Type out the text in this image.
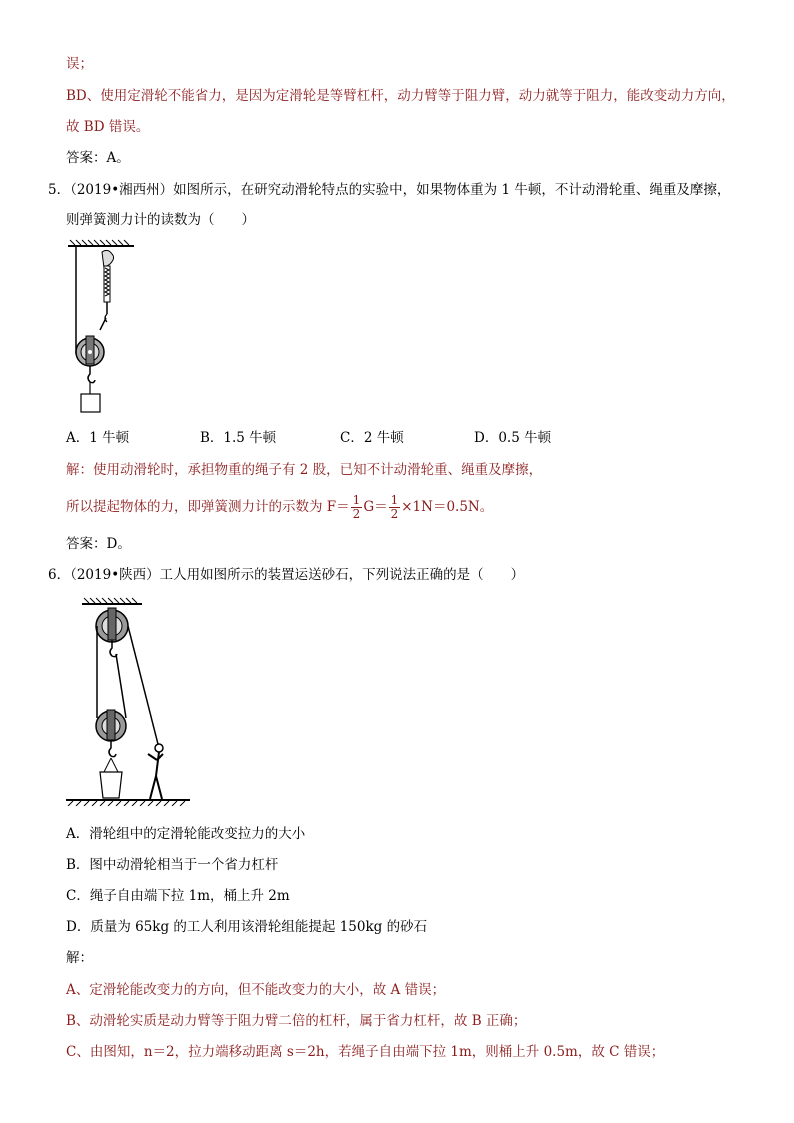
误；
BD、使用定滑轮不能省力，是因为定滑轮是等臂杠杆，动力臂等于阻力臂，动力就等于阻力，能改变动力方向，
故 BD 错误。
答案：A。
5．（2019•湘西州）如图所示，在研究动滑轮特点的实验中，如果物体重为 1 牛顿，不计动滑轮重、绳重及摩擦，
则弹簧测力计的读数为（　　）
A．1 牛顿	B．1.5 牛顿	C．2 牛顿	D．0.5 牛顿
解：使用动滑轮时，承担物重的绳子有 2 股，已知不计动滑轮重、绳重及摩擦，
所以提起物体的力，即弹簧测力计的示数为 $F= \frac{1}{2} G= \frac{1}{2} \times 1N=0.5N$。
答案：D。
6．（2019•陕西）工人用如图所示的装置运送砂石，下列说法正确的是（　　）
A．滑轮组中的定滑轮能改变拉力的大小
B．图中动滑轮相当于一个省力杠杆
C．绳子自由端下拉 1m，桶上升 2m
D．质量为 65kg 的工人利用该滑轮组能提起 150kg 的砂石
解：
A、定滑轮能改变力的方向，但不能改变力的大小，故 A 错误；
B、动滑轮实质是动力臂等于阻力臂二倍的杠杆，属于省力杠杆，故 B 正确；
C、由图知，n＝2，拉力端移动距离 s＝2h，若绳子自由端下拉 1m，则桶上升 0.5m，故 C 错误；
